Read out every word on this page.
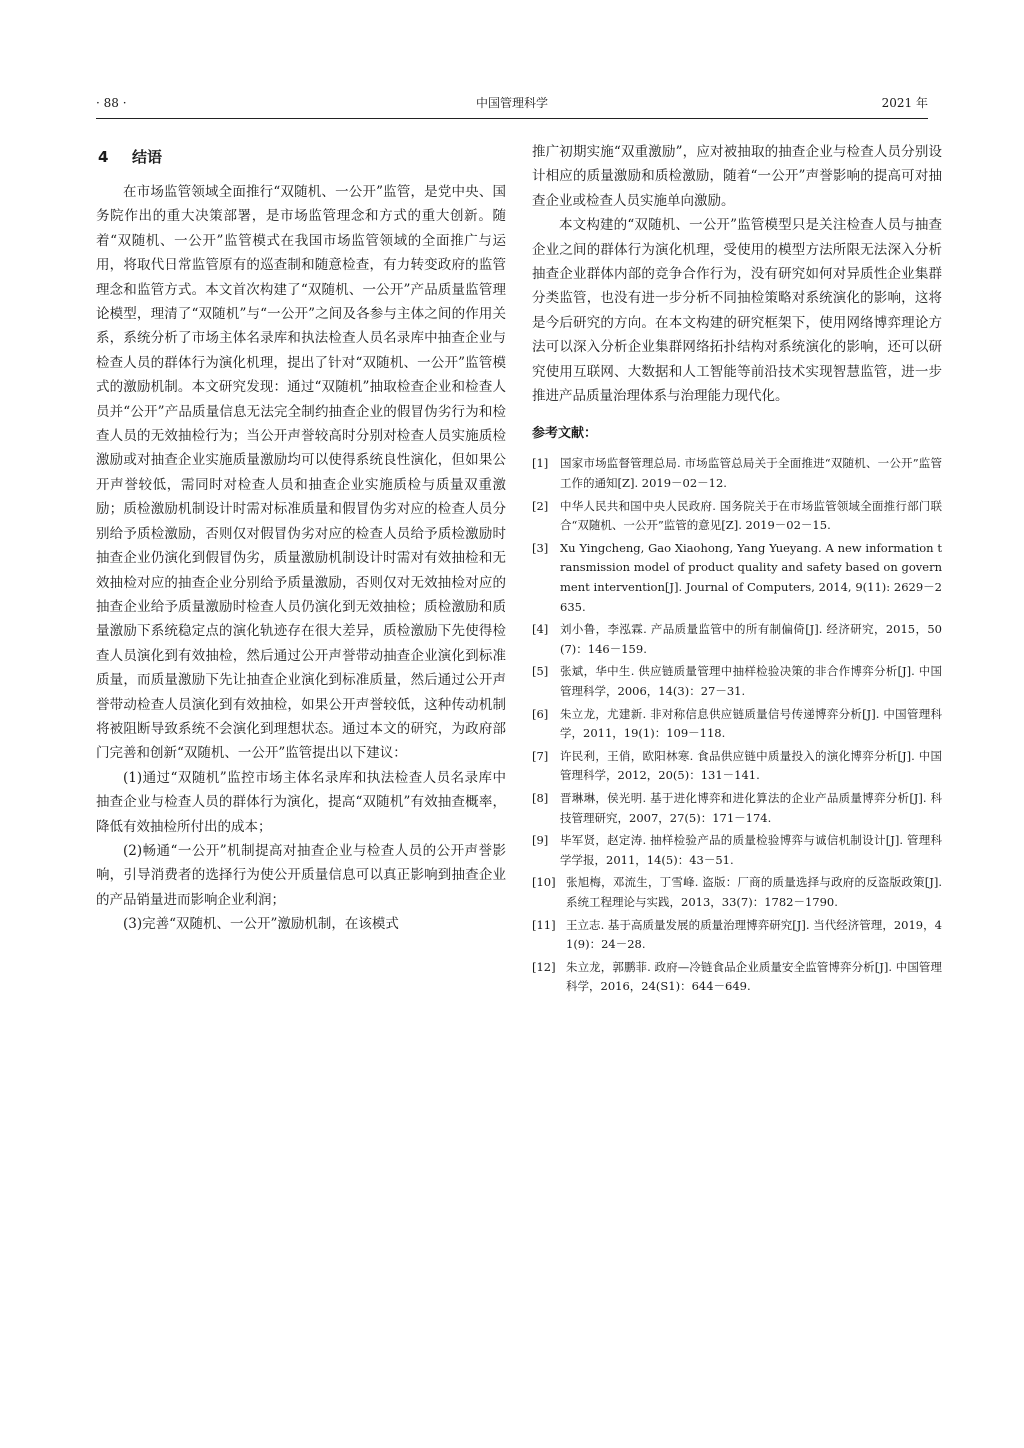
· 88 ·	中国管理科学	2021 年
4 结语

在市场监管领域全面推行“双随机、一公开”监管，是党中央、国务院作出的重大决策部署，是市场监管理念和方式的重大创新。随着“双随机、一公开”监管模式在我国市场监管领域的全面推广与运用，将取代日常监管原有的巡查制和随意检查，有力转变政府的监管理念和监管方式。本文首次构建了“双随机、一公开”产品质量监管理论模型，理清了“双随机”与“一公开”之间及各参与主体之间的作用关系，系统分析了市场主体名录库和执法检查人员名录库中抽查企业与检查人员的群体行为演化机理，提出了针对“双随机、一公开”监管模式的激励机制。本文研究发现：通过“双随机”抽取检查企业和检查人员并“公开”产品质量信息无法完全制约抽查企业的假冒伪劣行为和检查人员的无效抽检行为；当公开声誉较高时分别对检查人员实施质检激励或对抽查企业实施质量激励均可以使得系统良性演化，但如果公开声誉较低，需同时对检查人员和抽查企业实施质检与质量双重激励；质检激励机制设计时需对标准质量和假冒伪劣对应的检查人员分别给予质检激励，否则仅对假冒伪劣对应的检查人员给予质检激励时抽查企业仍演化到假冒伪劣，质量激励机制设计时需对有效抽检和无效抽检对应的抽查企业分别给予质量激励，否则仅对无效抽检对应的抽查企业给予质量激励时检查人员仍演化到无效抽检；质检激励和质量激励下系统稳定点的演化轨迹存在很大差异，质检激励下先使得检查人员演化到有效抽检，然后通过公开声誉带动抽查企业演化到标准质量，而质量激励下先让抽查企业演化到标准质量，然后通过公开声誉带动检查人员演化到有效抽检，如果公开声誉较低，这种传动机制将被阻断导致系统不会演化到理想状态。通过本文的研究，为政府部门完善和创新“双随机、一公开”监管提出以下建议：

(1)通过“双随机”监控市场主体名录库和执法检查人员名录库中抽查企业与检查人员的群体行为演化，提高“双随机”有效抽查概率，降低有效抽检所付出的成本；

(2)畅通“一公开”机制提高对抽查企业与检查人员的公开声誉影响，引导消费者的选择行为使公开质量信息可以真正影响到抽查企业的产品销量进而影响企业利润；

(3)完善“双随机、一公开”激励机制，在该模式

推广初期实施“双重激励”，应对被抽取的抽查企业与检查人员分别设计相应的质量激励和质检激励，随着“一公开”声誉影响的提高可对抽查企业或检查人员实施单向激励。

本文构建的“双随机、一公开”监管模型只是关注检查人员与抽查企业之间的群体行为演化机理，受使用的模型方法所限无法深入分析抽查企业群体内部的竞争合作行为，没有研究如何对异质性企业集群分类监管，也没有进一步分析不同抽检策略对系统演化的影响，这将是今后研究的方向。在本文构建的研究框架下，使用网络博弈理论方法可以深入分析企业集群网络拓扑结构对系统演化的影响，还可以研究使用互联网、大数据和人工智能等前沿技术实现智慧监管，进一步推进产品质量治理体系与治理能力现代化。

参考文献：
[1]	国家市场监督管理总局. 市场监管总局关于全面推进“双随机、一公开”监管工作的通知[Z]. 2019－02－12.
[2]	中华人民共和国中央人民政府. 国务院关于在市场监管领域全面推行部门联合“双随机、一公开”监管的意见[Z]. 2019－02－15.
[3]	Xu Yingcheng, Gao Xiaohong, Yang Yueyang. A new information transmission model of product quality and safety based on government intervention[J]. Journal of Computers, 2014, 9(11): 2629－2635.
[4]	刘小鲁，李泓霖. 产品质量监管中的所有制偏倚[J]. 经济研究，2015，50(7)：146－159.
[5]	张斌，华中生. 供应链质量管理中抽样检验决策的非合作博弈分析[J]. 中国管理科学，2006，14(3)：27－31.
[6]	朱立龙，尤建新. 非对称信息供应链质量信号传递博弈分析[J]. 中国管理科学，2011，19(1)：109－118.
[7]	许民利，王俏，欧阳林寒. 食品供应链中质量投入的演化博弈分析[J]. 中国管理科学，2012，20(5)：131－141.
[8]	晋琳琳，侯光明. 基于进化博弈和进化算法的企业产品质量博弈分析[J]. 科技管理研究，2007，27(5)：171－174.
[9]	毕军贤，赵定涛. 抽样检验产品的质量检验博弈与诚信机制设计[J]. 管理科学学报，2011，14(5)：43－51.
[10] 张旭梅，邓流生，丁雪峰. 盗版：厂商的质量选择与政府的反盗版政策[J]. 系统工程理论与实践，2013，33(7)：1782－1790.
[11] 王立志. 基于高质量发展的质量治理博弈研究[J]. 当代经济管理，2019，41(9)：24－28.
[12] 朱立龙，郭鹏菲. 政府—冷链食品企业质量安全监管博弈分析[J]. 中国管理科学，2016，24(S1)：644－649.
